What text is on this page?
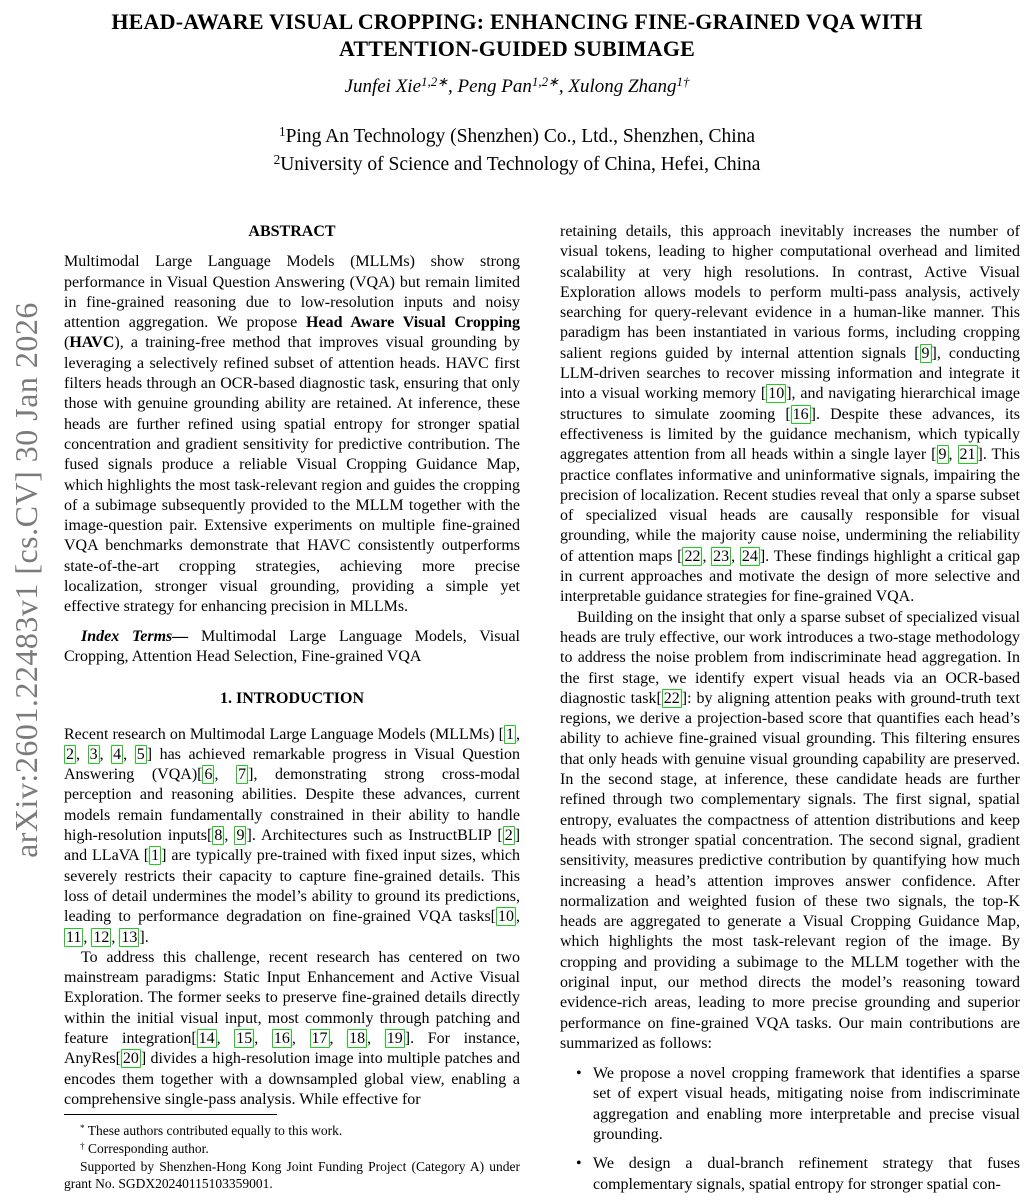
arXiv:2601.22483v1 [cs.CV] 30 Jan 2026
HEAD-AWARE VISUAL CROPPING: ENHANCING FINE-GRAINED VQA WITH
ATTENTION-GUIDED SUBIMAGE
Junfei Xie$^{1,2∗}$, Peng Pan$^{1,2∗}$, Xulong Zhang$^{1\dagger}$
$^1$Ping An Technology (Shenzhen) Co., Ltd., Shenzhen, China
$^2$University of Science and Technology of China, Hefei, China
ABSTRACT

Multimodal Large Language Models (MLLMs) show strong performance in Visual Question Answering (VQA) but remain limited in fine-grained reasoning due to low-resolution inputs and noisy attention aggregation. We propose Head Aware Visual Cropping (HAVC), a training-free method that improves visual grounding by leveraging a selectively refined subset of attention heads. HAVC first filters heads through an OCR-based diagnostic task, ensuring that only those with genuine grounding ability are retained. At inference, these heads are further refined using spatial entropy for stronger spatial concentration and gradient sensitivity for predictive contribution. The fused signals produce a reliable Visual Cropping Guidance Map, which highlights the most task-relevant region and guides the cropping of a subimage subsequently provided to the MLLM together with the image-question pair. Extensive experiments on multiple fine-grained VQA benchmarks demonstrate that HAVC consistently outperforms state-of-the-art cropping strategies, achieving more precise localization, stronger visual grounding, providing a simple yet effective strategy for enhancing precision in MLLMs.

Index Terms— Multimodal Large Language Models, Visual Cropping, Attention Head Selection, Fine-grained VQA

1. INTRODUCTION

Recent research on Multimodal Large Language Models (MLLMs) [ 1 , 2 , 3 , 4 , 5 ] has achieved remarkable progress in Visual Question Answering (VQA)[ 6 , 7 ], demonstrating strong cross-modal perception and reasoning abilities. Despite these advances, current models remain fundamentally constrained in their ability to handle high-resolution inputs[ 8 , 9 ]. Architectures such as InstructBLIP [ 2 ] and LLaVA [ 1 ] are typically pre-trained with fixed input sizes, which severely restricts their capacity to capture fine-grained details. This loss of detail undermines the model’s ability to ground its predictions, leading to performance degradation on fine-grained VQA tasks[ 10 , 11 , 12 , 13 ].

To address this challenge, recent research has centered on two mainstream paradigms: Static Input Enhancement and Active Visual Exploration. The former seeks to preserve fine-grained details directly within the initial visual input, most commonly through patching and feature integration[ 14 , 15 , 16 , 17 , 18 , 19 ]. For instance, AnyRes[ 20 ] divides a high-resolution image into multiple patches and encodes them together with a downsampled global view, enabling a comprehensive single-pass analysis. While effective for

retaining details, this approach inevitably increases the number of visual tokens, leading to higher computational overhead and limited scalability at very high resolutions. In contrast, Active Visual Exploration allows models to perform multi-pass analysis, actively searching for query-relevant evidence in a human-like manner. This paradigm has been instantiated in various forms, including cropping salient regions guided by internal attention signals [ 9 ], conducting LLM-driven searches to recover missing information and integrate it into a visual working memory [ 10 ], and navigating hierarchical image structures to simulate zooming [ 16 ]. Despite these advances, its effectiveness is limited by the guidance mechanism, which typically aggregates attention from all heads within a single layer [ 9 , 21 ]. This practice conflates informative and uninformative signals, impairing the precision of localization. Recent studies reveal that only a sparse subset of specialized visual heads are causally responsible for visual grounding, while the majority cause noise, undermining the reliability of attention maps [ 22 , 23 , 24 ]. These findings highlight a critical gap in current approaches and motivate the design of more selective and interpretable guidance strategies for fine-grained VQA.

Building on the insight that only a sparse subset of specialized visual heads are truly effective, our work introduces a two-stage methodology to address the noise problem from indiscriminate head aggregation. In the first stage, we identify expert visual heads via an OCR-based diagnostic task[ 22 ]: by aligning attention peaks with ground-truth text regions, we derive a projection-based score that quantifies each head’s ability to achieve fine-grained visual grounding. This filtering ensures that only heads with genuine visual grounding capability are preserved. In the second stage, at inference, these candidate heads are further refined through two complementary signals. The first signal, spatial entropy, evaluates the compactness of attention distributions and keep heads with stronger spatial concentration. The second signal, gradient sensitivity, measures predictive contribution by quantifying how much increasing a head’s attention improves answer confidence. After normalization and weighted fusion of these two signals, the top-K heads are aggregated to generate a Visual Cropping Guidance Map, which highlights the most task-relevant region of the image. By cropping and providing a subimage to the MLLM together with the original input, our method directs the model’s reasoning toward evidence-rich areas, leading to more precise grounding and superior performance on fine-grained VQA tasks. Our main contributions are summarized as follows:

• We propose a novel cropping framework that identifies a sparse set of expert visual heads, mitigating noise from indiscriminate aggregation and enabling more interpretable and precise visual grounding.
• We design a dual-branch refinement strategy that fuses complementary signals, spatial entropy for stronger spatial con-

* These authors contributed equally to this work.

† Corresponding author.

Supported by Shenzhen-Hong Kong Joint Funding Project (Category A) under grant No. SGDX20240115103359001.
